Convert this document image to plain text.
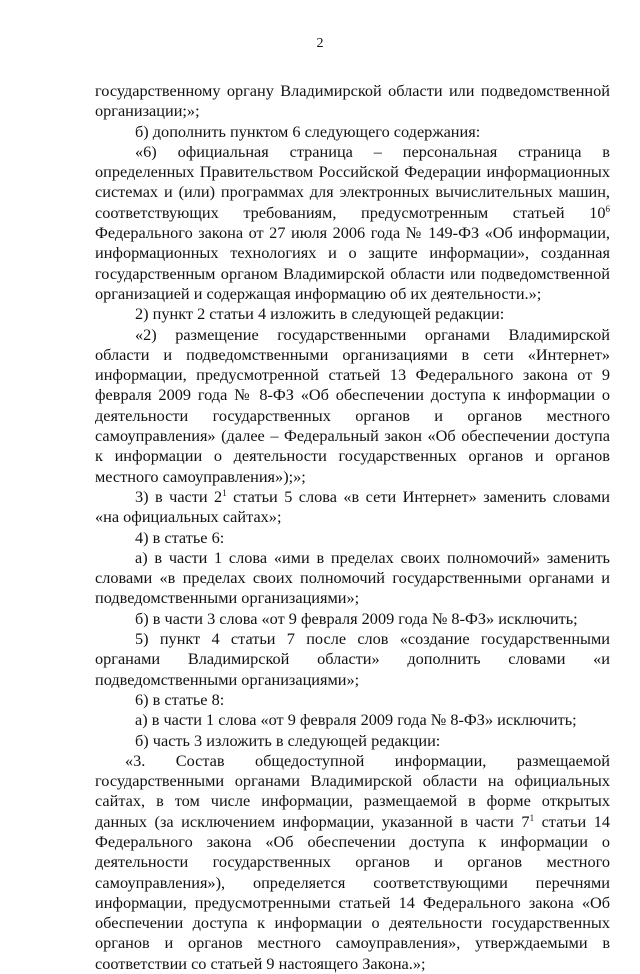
2

государственному органу Владимирской области или подведомственной организации;»;

б) дополнить пунктом 6 следующего содержания:

«6) официальная страница – персональная страница в определенных Правительством Российской Федерации информационных системах и (или) программах для электронных вычислительных машин, соответствующих требованиям, предусмотренным статьей $10^6$ Федерального закона от 27 июля 2006 года № 149-ФЗ «Об информации, информационных технологиях и о защите информации», созданная государственным органом Владимирской области или подведомственной организацией и содержащая информацию об их деятельности.»;

2) пункт 2 статьи 4 изложить в следующей редакции:

«2) размещение государственными органами Владимирской области и подведомственными организациями в сети «Интернет» информации, предусмотренной статьей 13 Федерального закона от 9 февраля 2009 года № 8-ФЗ «Об обеспечении доступа к информации о деятельности государственных органов и органов местного самоуправления» (далее – Федеральный закон «Об обеспечении доступа к информации о деятельности государственных органов и органов местного самоуправления»);»;

3) в части $2^1$ статьи 5 слова «в сети Интернет» заменить словами «на официальных сайтах»;

4) в статье 6:

а) в части 1 слова «ими в пределах своих полномочий» заменить словами «в пределах своих полномочий государственными органами и подведомственными организациями»;

б) в части 3 слова «от 9 февраля 2009 года № 8-ФЗ» исключить;

5) пункт 4 статьи 7 после слов «создание государственными органами Владимирской области» дополнить словами «и подведомственными организациями»;

6) в статье 8:

а) в части 1 слова «от 9 февраля 2009 года № 8-ФЗ» исключить;

б) часть 3 изложить в следующей редакции:

«3. Состав общедоступной информации, размещаемой государственными органами Владимирской области на официальных сайтах, в том числе информации, размещаемой в форме открытых данных (за исключением информации, указанной в части $7^1$ статьи 14 Федерального закона «Об обеспечении доступа к информации о деятельности государственных органов и органов местного самоуправления»), определяется соответствующими перечнями информации, предусмотренными статьей 14 Федерального закона «Об обеспечении доступа к информации о деятельности государственных органов и органов местного самоуправления», утверждаемыми в соответствии со статьей 9 настоящего Закона.»;
